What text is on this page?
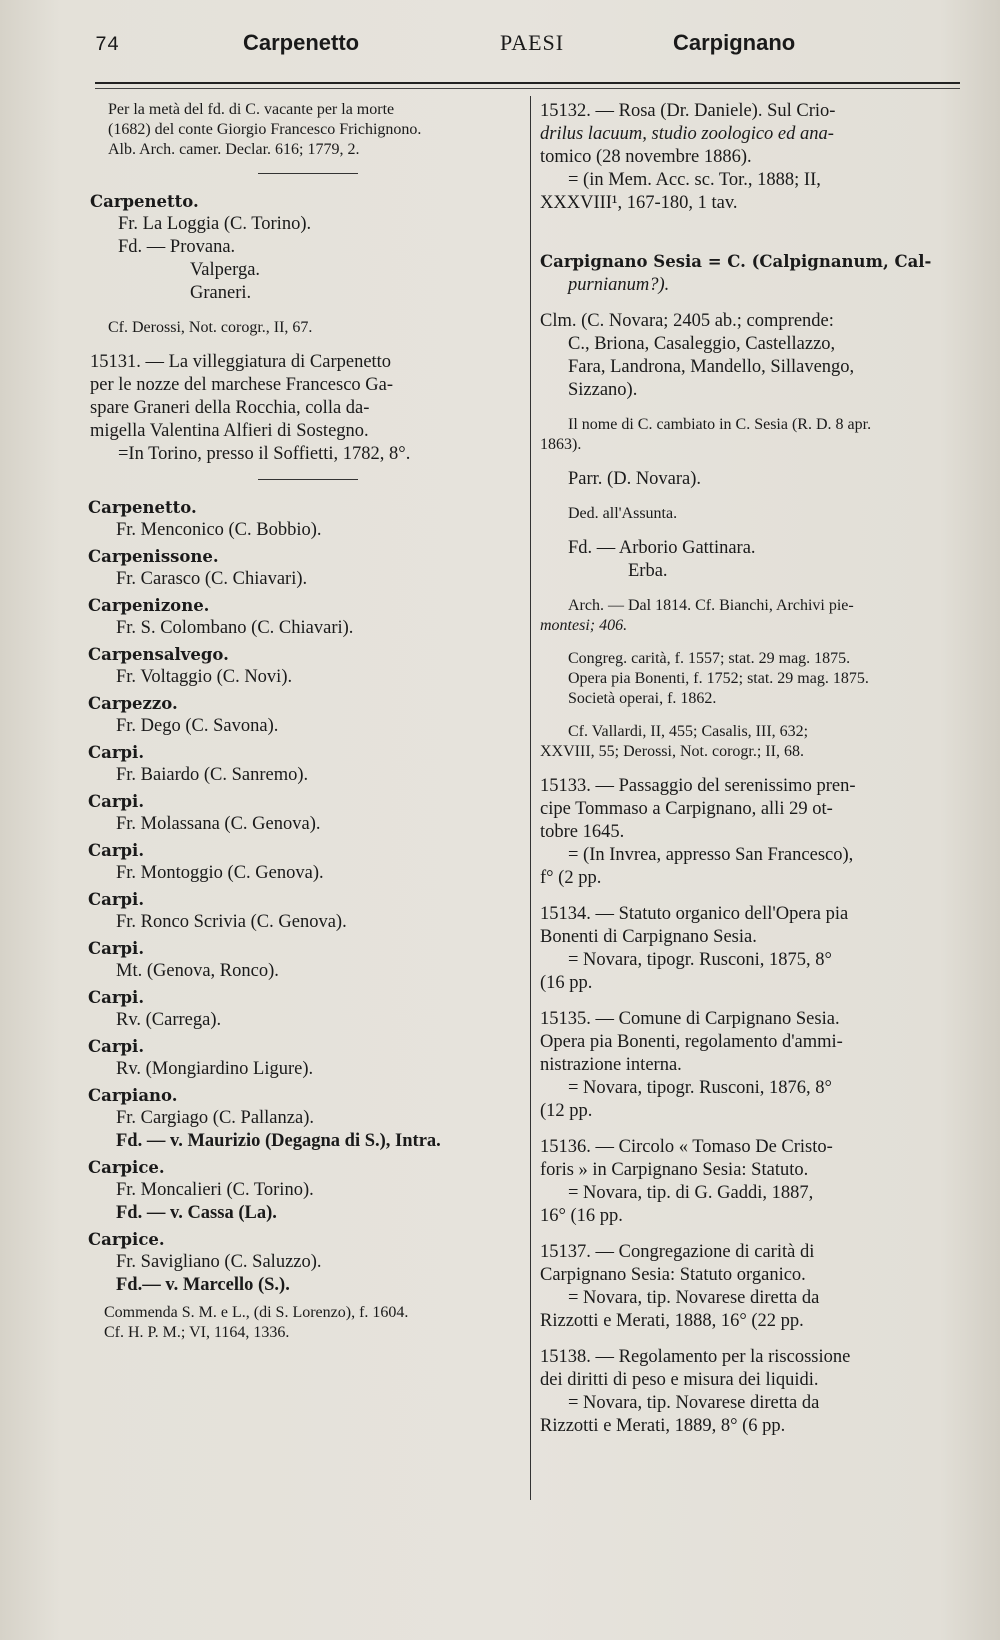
74	Carpenetto	PAESI	Carpignano

Per la metà del fd. di C. vacante per la morte

(1682) del conte Giorgio Francesco Frichignono.

Alb. Arch. camer. Declar. 616; 1779, 2.

Carpenetto.

Fr. La Loggia (C. Torino).

Fd. — Provana.

Valperga.

Graneri.

Cf. Derossi, Not. corogr., II, 67.

15131. — La villeggiatura di Carpenetto

per le nozze del marchese Francesco Ga-

spare Graneri della Rocchia, colla da-

migella Valentina Alfieri di Sostegno.

=In Torino, presso il Soffietti, 1782, 8°.

Carpenetto.

Fr. Menconico (C. Bobbio).

Carpenissone.

Fr. Carasco (C. Chiavari).

Carpenizone.

Fr. S. Colombano (C. Chiavari).

Carpensalvego.

Fr. Voltaggio (C. Novi).

Carpezzo.

Fr. Dego (C. Savona).

Carpi.

Fr. Baiardo (C. Sanremo).

Carpi.

Fr. Molassana (C. Genova).

Carpi.

Fr. Montoggio (C. Genova).

Carpi.

Fr. Ronco Scrivia (C. Genova).

Carpi.

Mt. (Genova, Ronco).

Carpi.

Rv. (Carrega).

Carpi.

Rv. (Mongiardino Ligure).

Carpiano.

Fr. Cargiago (C. Pallanza).

Fd. — v. Maurizio (Degagna di S.), Intra.

Carpice.

Fr. Moncalieri (C. Torino).

Fd. — v. Cassa (La).

Carpice.

Fr. Savigliano (C. Saluzzo).

Fd.— v. Marcello (S.).

Commenda S. M. e L., (di S. Lorenzo), f. 1604.

Cf. H. P. M.; VI, 1164, 1336.

15132. — Rosa (Dr. Daniele). Sul Crio-

drilus lacuum, studio zoologico ed ana-

tomico (28 novembre 1886).

= (in Mem. Acc. sc. Tor., 1888; II,

XXXVIII¹, 167-180, 1 tav.

Carpignano Sesia = C. (Calpignanum, Cal-

purnianum?).

Clm. (C. Novara; 2405 ab.; comprende:

C., Briona, Casaleggio, Castellazzo,

Fara, Landrona, Mandello, Sillavengo,

Sizzano).

Il nome di C. cambiato in C. Sesia (R. D. 8 apr.

1863).

Parr. (D. Novara).

Ded. all'Assunta.

Fd. — Arborio Gattinara.

Erba.

Arch. — Dal 1814. Cf. Bianchi, Archivi pie-

montesi; 406.

Congreg. carità, f. 1557; stat. 29 mag. 1875.

Opera pia Bonenti, f. 1752; stat. 29 mag. 1875.

Società operai, f. 1862.

Cf. Vallardi, II, 455; Casalis, III, 632;

XXVIII, 55; Derossi, Not. corogr.; II, 68.

15133. — Passaggio del serenissimo pren-

cipe Tommaso a Carpignano, alli 29 ot-

tobre 1645.

= (In Invrea, appresso San Francesco),

f° (2 pp.

15134. — Statuto organico dell'Opera pia

Bonenti di Carpignano Sesia.

= Novara, tipogr. Rusconi, 1875, 8°

(16 pp.

15135. — Comune di Carpignano Sesia.

Opera pia Bonenti, regolamento d'ammi-

nistrazione interna.

= Novara, tipogr. Rusconi, 1876, 8°

(12 pp.

15136. — Circolo « Tomaso De Cristo-

foris » in Carpignano Sesia: Statuto.

= Novara, tip. di G. Gaddi, 1887,

16° (16 pp.

15137. — Congregazione di carità di

Carpignano Sesia: Statuto organico.

= Novara, tip. Novarese diretta da

Rizzotti e Merati, 1888, 16° (22 pp.

15138. — Regolamento per la riscossione

dei diritti di peso e misura dei liquidi.

= Novara, tip. Novarese diretta da

Rizzotti e Merati, 1889, 8° (6 pp.
